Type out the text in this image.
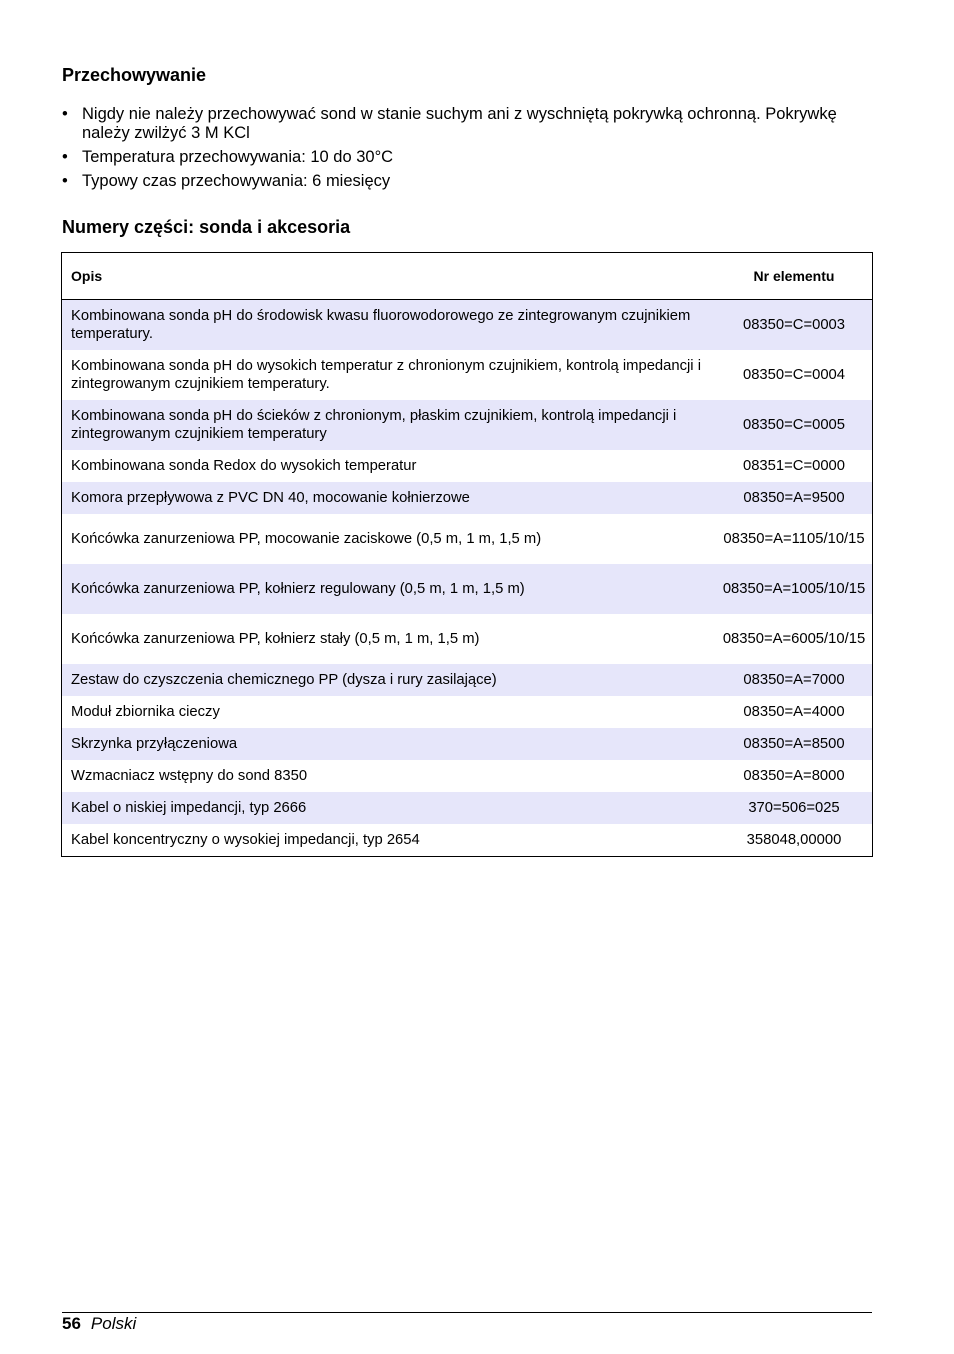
Przechowywanie
• Nigdy nie należy przechowywać sond w stanie suchym ani z wyschniętą pokrywką ochronną. Pokrywkę należy zwilżyć 3 M KCl
• Temperatura przechowywania: 10 do 30°C
• Typowy czas przechowywania: 6 miesięcy
Numery części: sonda i akcesoria
Opis	Nr elementu
Kombinowana sonda pH do środowisk kwasu fluorowodorowego ze zintegrowanym czujnikiem temperatury.	08350=C=0003
Kombinowana sonda pH do wysokich temperatur z chronionym czujnikiem, kontrolą impedancji i zintegrowanym czujnikiem temperatury.	08350=C=0004
Kombinowana sonda pH do ścieków z chronionym, płaskim czujnikiem, kontrolą impedancji i zintegrowanym czujnikiem temperatury	08350=C=0005
Kombinowana sonda Redox do wysokich temperatur	08351=C=0000
Komora przepływowa z PVC DN 40, mocowanie kołnierzowe	08350=A=9500
Końcówka zanurzeniowa PP, mocowanie zaciskowe (0,5 m, 1 m, 1,5 m)	08350=A=1105/10/15
Końcówka zanurzeniowa PP, kołnierz regulowany (0,5 m, 1 m, 1,5 m)	08350=A=1005/10/15
Końcówka zanurzeniowa PP, kołnierz stały (0,5 m, 1 m, 1,5 m)	08350=A=6005/10/15
Zestaw do czyszczenia chemicznego PP (dysza i rury zasilające)	08350=A=7000
Moduł zbiornika cieczy	08350=A=4000
Skrzynka przyłączeniowa	08350=A=8500
Wzmacniacz wstępny do sond 8350	08350=A=8000
Kabel o niskiej impedancji, typ 2666	370=506=025
Kabel koncentryczny o wysokiej impedancji, typ 2654	358048,00000
56 Polski
